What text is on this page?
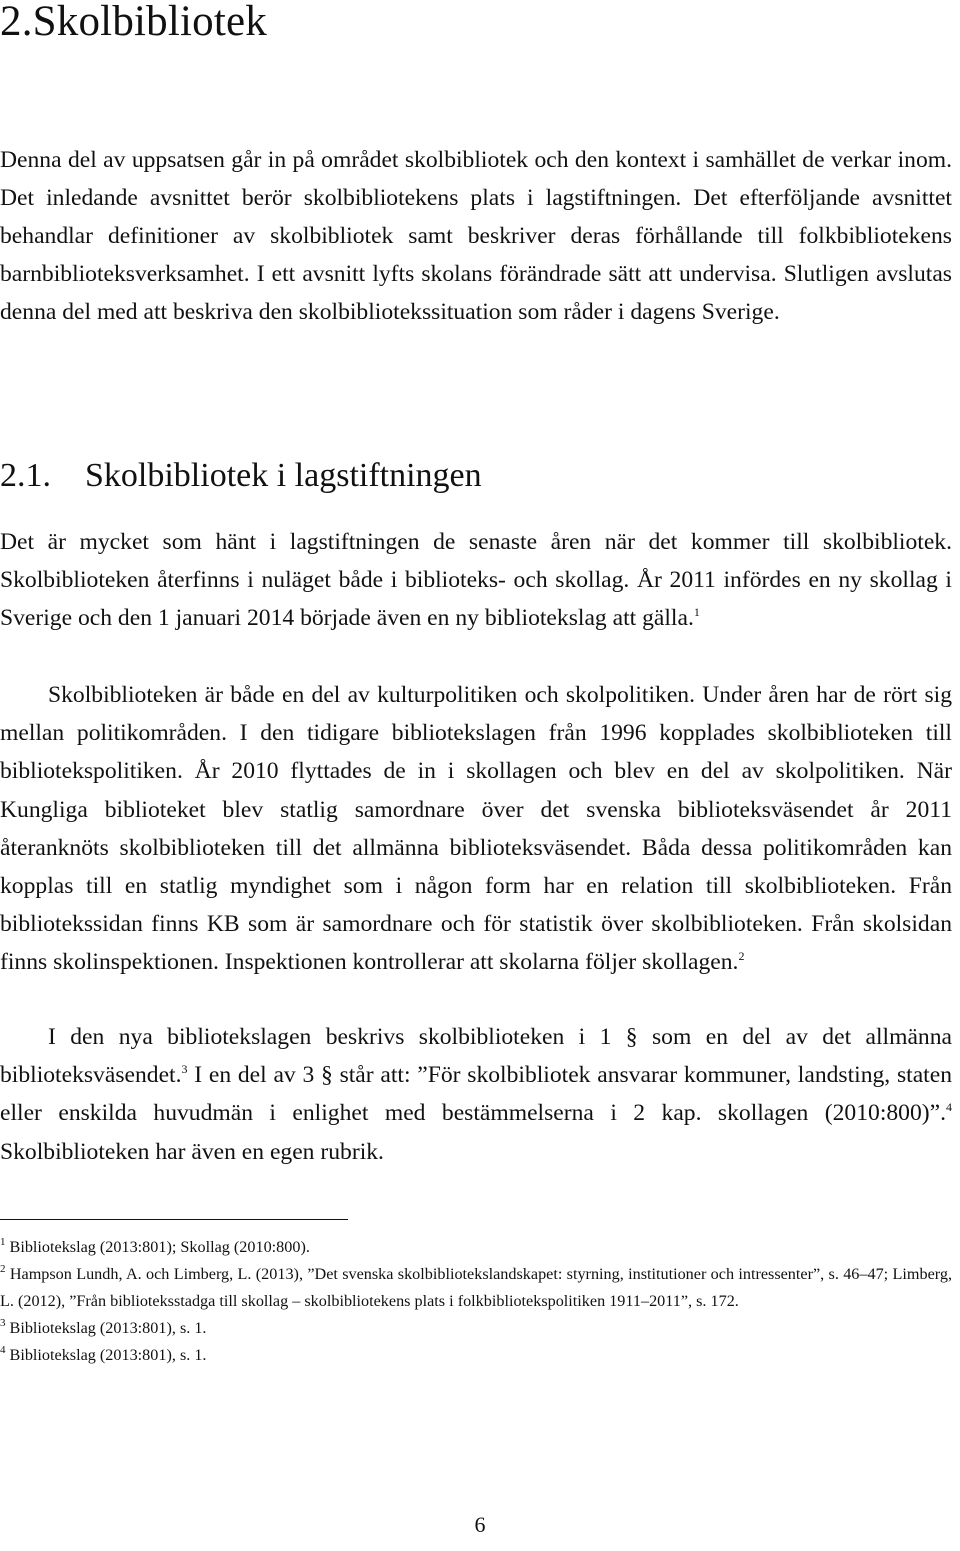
2.Skolbibliotek

Denna del av uppsatsen går in på området skolbibliotek och den kontext i samhället de verkar inom. Det inledande avsnittet berör skolbibliotekens plats i lagstiftningen. Det efterföljande avsnittet behandlar definitioner av skolbibliotek samt beskriver deras förhållande till folkbibliotekens barnbiblioteksverksamhet. I ett avsnitt lyfts skolans förändrade sätt att undervisa. Slutligen avslutas denna del med att beskriva den skolbibliotekssituation som råder i dagens Sverige.

2.1. Skolbibliotek i lagstiftningen

Det är mycket som hänt i lagstiftningen de senaste åren när det kommer till skolbibliotek. Skolbiblioteken återfinns i nuläget både i biblioteks- och skollag. År 2011 infördes en ny skollag i Sverige och den 1 januari 2014 började även en ny bibliotekslag att gälla.$^1$

Skolbiblioteken är både en del av kulturpolitiken och skolpolitiken. Under åren har de rört sig mellan politikområden. I den tidigare bibliotekslagen från 1996 kopplades skolbiblioteken till bibliotekspolitiken. År 2010 flyttades de in i skollagen och blev en del av skolpolitiken. När Kungliga biblioteket blev statlig samordnare över det svenska biblioteksväsendet år 2011 återanknöts skolbiblioteken till det allmänna biblioteksväsendet. Båda dessa politikområden kan kopplas till en statlig myndighet som i någon form har en relation till skolbiblioteken. Från bibliotekssidan finns KB som är samordnare och för statistik över skolbiblioteken. Från skolsidan finns skolinspektionen. Inspektionen kontrollerar att skolarna följer skollagen.$^2$

I den nya bibliotekslagen beskrivs skolbiblioteken i 1 § som en del av det allmänna biblioteksväsendet.$^3$ I en del av 3 § står att: ”För skolbibliotek ansvarar kommuner, landsting, staten eller enskilda huvudmän i enlighet med bestämmelserna i 2 kap. skollagen (2010:800)”.$^4$ Skolbiblioteken har även en egen rubrik.

$^1$ Bibliotekslag (2013:801); Skollag (2010:800).
$^2$ Hampson Lundh, A. och Limberg, L. (2013), ”Det svenska skolbibliotekslandskapet: styrning, institutioner och intressenter”, s. 46–47; Limberg, L. (2012), ”Från biblioteksstadga till skollag – skolbibliotekens plats i folkbibliotekspolitiken 1911–2011”, s. 172.
$^3$ Bibliotekslag (2013:801), s. 1.
$^4$ Bibliotekslag (2013:801), s. 1.
6
